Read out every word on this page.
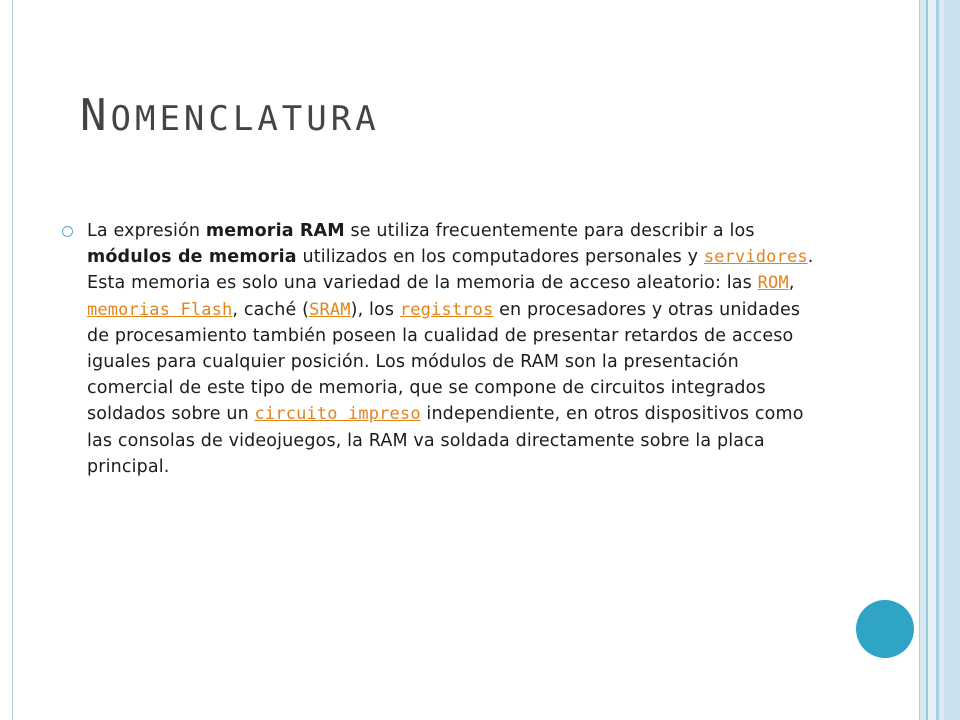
NOMENCLATURA
La expresión memoria RAM se utiliza frecuentemente para describir a los módulos de memoria utilizados en los computadores personales y servidores. Esta memoria es solo una variedad de la memoria de acceso aleatorio: las ROM, memorias Flash, caché (SRAM), los registros en procesadores y otras unidades de procesamiento también poseen la cualidad de presentar retardos de acceso iguales para cualquier posición. Los módulos de RAM son la presentación comercial de este tipo de memoria, que se compone de circuitos integrados soldados sobre un circuito impreso independiente, en otros dispositivos como las consolas de videojuegos, la RAM va soldada directamente sobre la placa principal.
